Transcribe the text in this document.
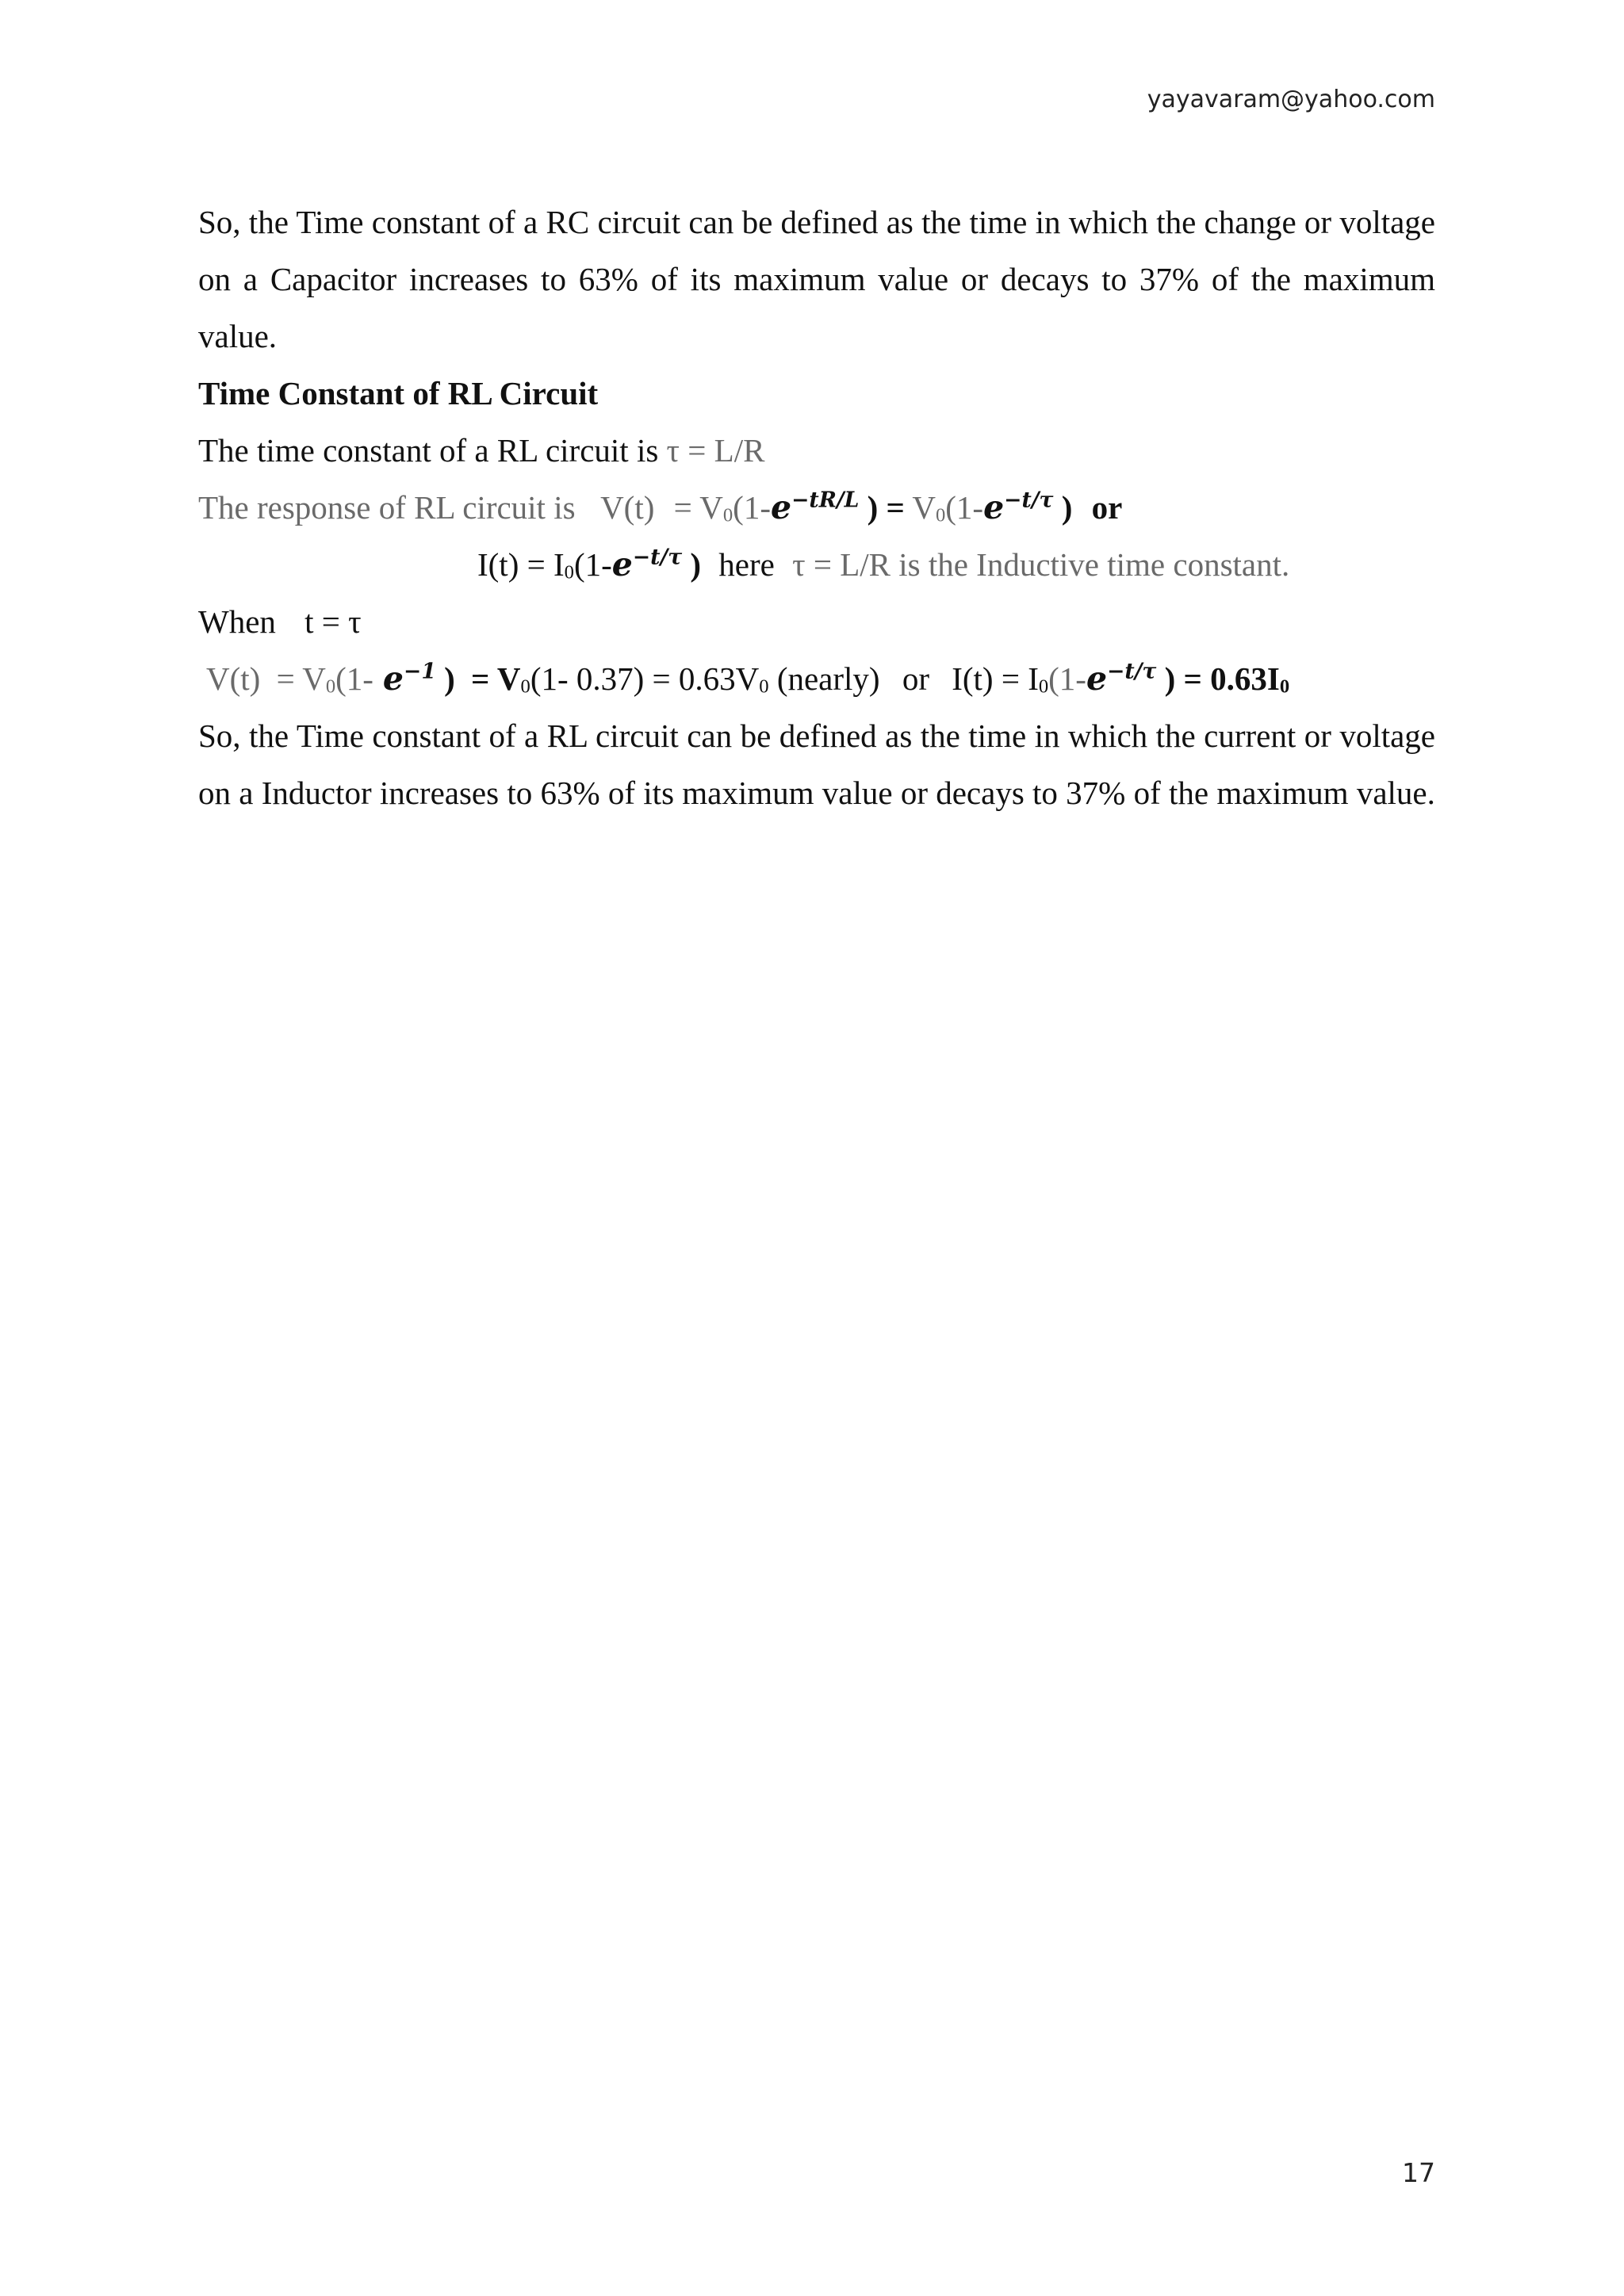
yayavaram@yahoo.com

So, the Time constant of a RC circuit can be defined as the time in which the change or voltage on a Capacitor increases to 63% of its maximum value or decays to 37% of the maximum value.

Time Constant of RL Circuit

The time constant of a RL circuit is τ = L/R

The response of RL circuit is $V(t) = V_0(1-e^{-tR/L}$ ) = $V_0(1-e^{-t/\tau}$ ) or

$I(t) = I_0(1-e^{-t/\tau}$ ) here τ = L/R is the Inductive time constant.

When t = τ

$V(t) = V_0(1-$ $e^{-1}$ ) = $V_0(1-$ $0.37) = 0.63V_0$ (nearly) or $I(t) = I_0(1-e^{-t/\tau}$ ) = $0.63I_0$

So, the Time constant of a RL circuit can be defined as the time in which the current or voltage on a Inductor increases to 63% of its maximum value or decays to 37% of the maximum value.

17
